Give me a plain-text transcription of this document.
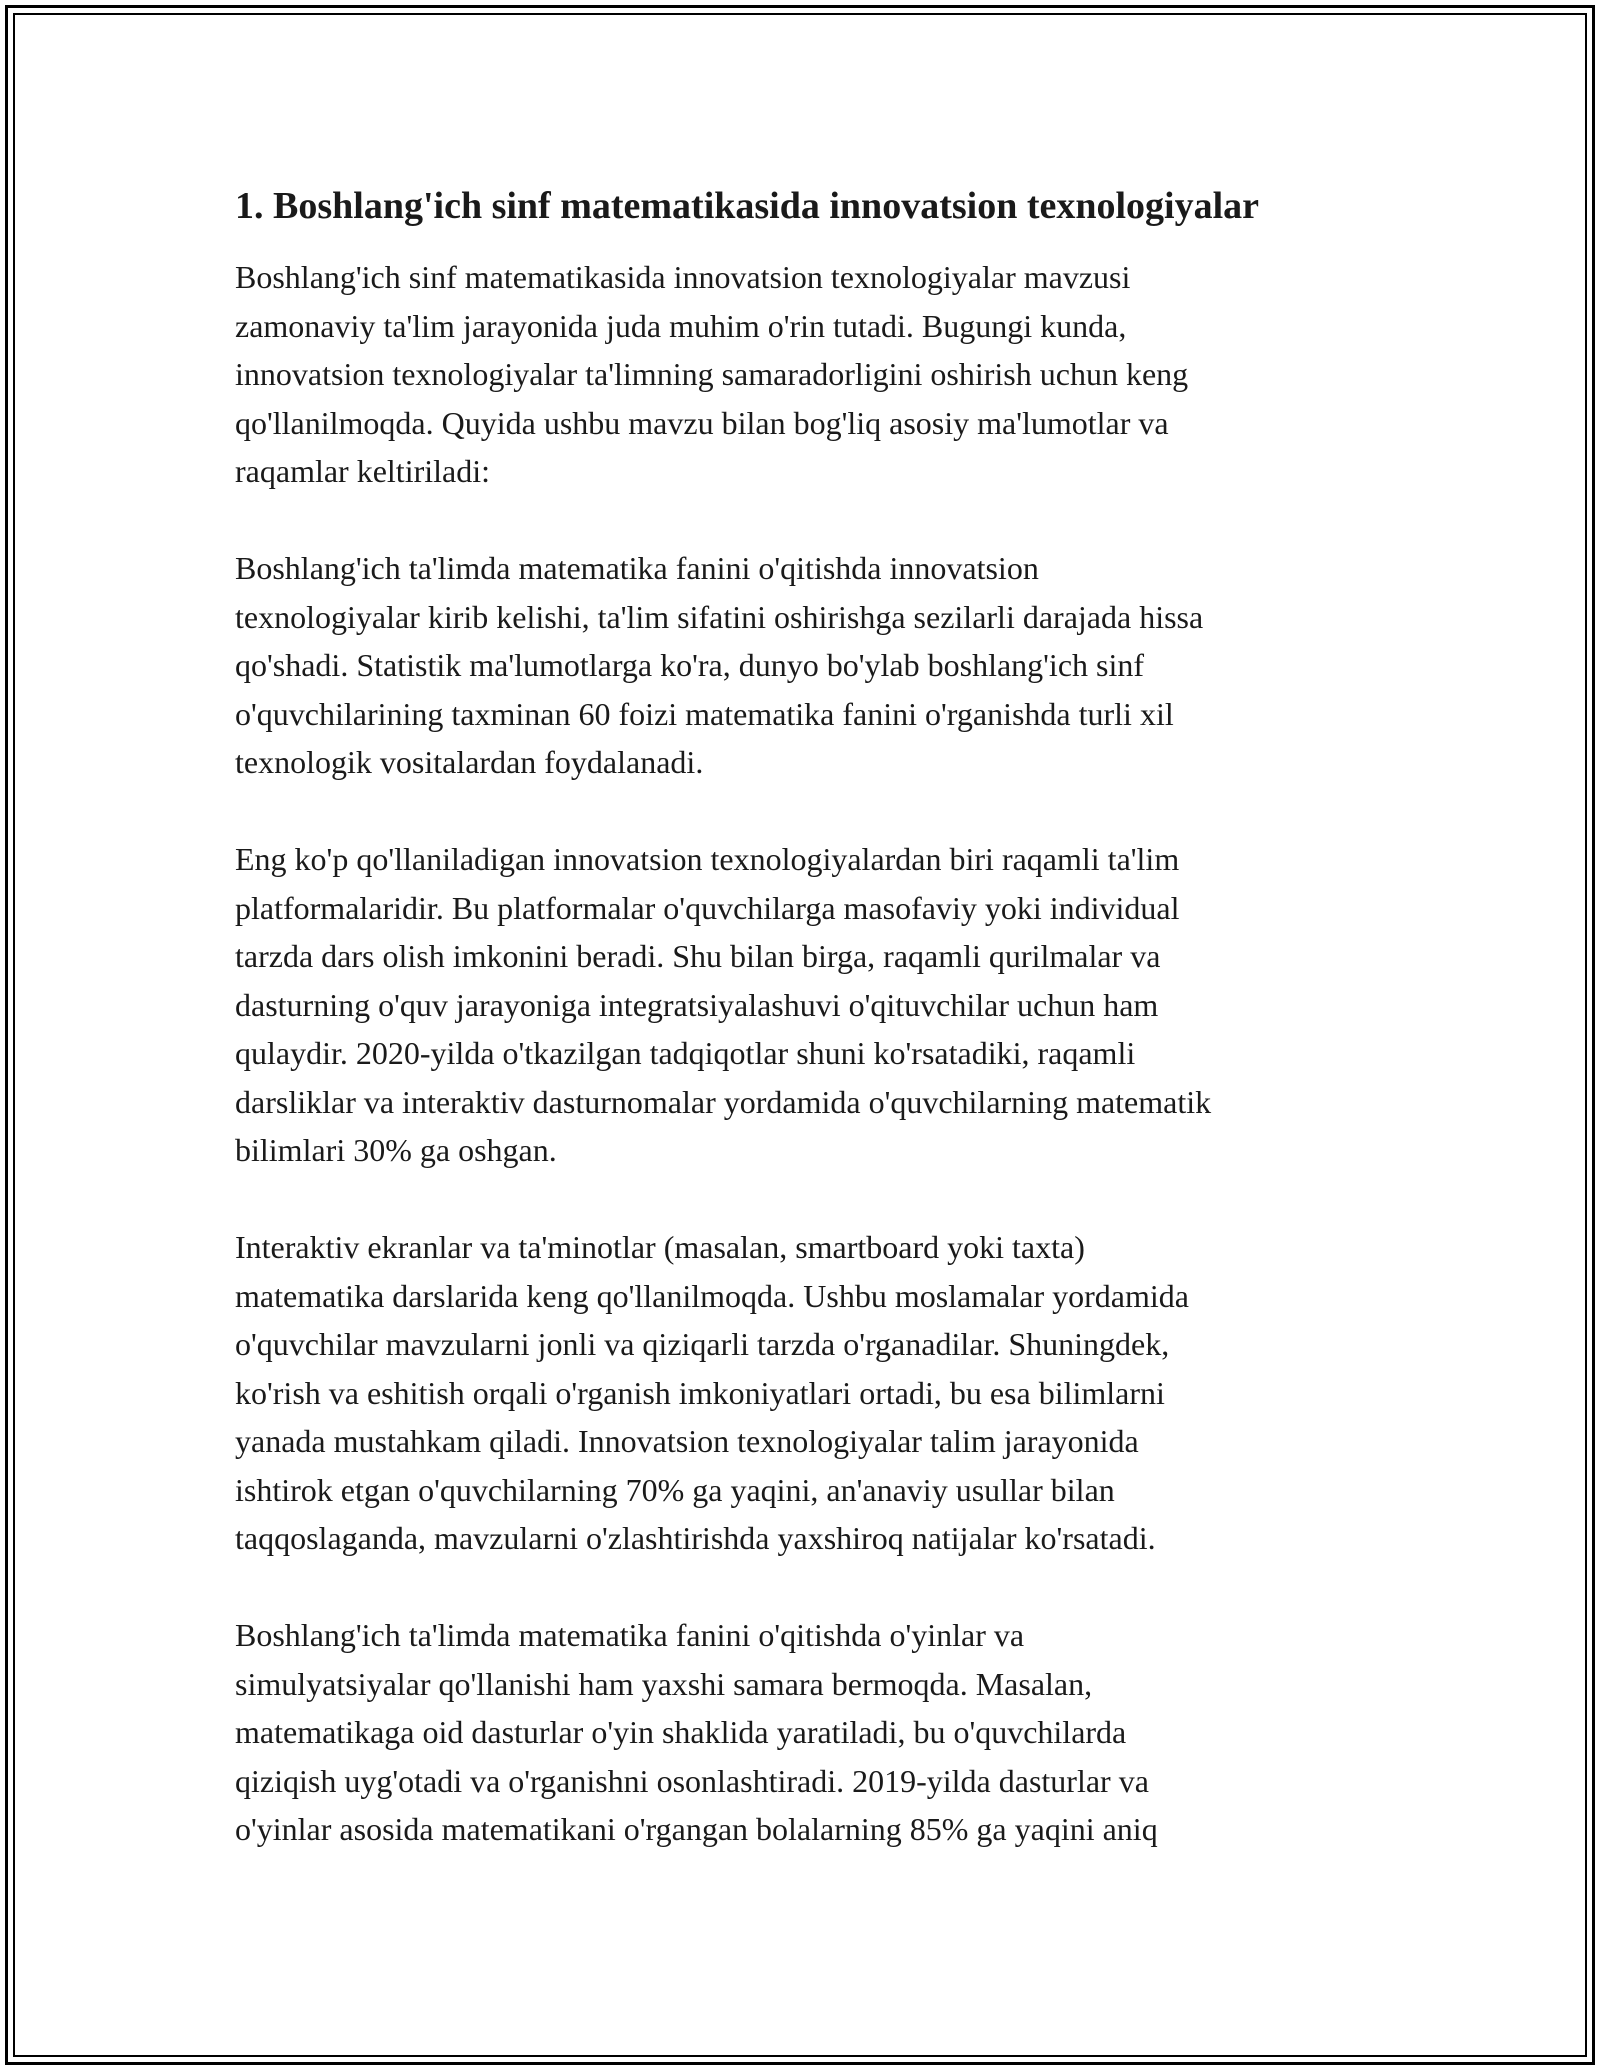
1. Boshlang'ich sinf matematikasida innovatsion texnologiyalar

Boshlang'ich sinf matematikasida innovatsion texnologiyalar mavzusi
zamonaviy ta'lim jarayonida juda muhim o'rin tutadi. Bugungi kunda,
innovatsion texnologiyalar ta'limning samaradorligini oshirish uchun keng
qo'llanilmoqda. Quyida ushbu mavzu bilan bog'liq asosiy ma'lumotlar va
raqamlar keltiriladi:

Boshlang'ich ta'limda matematika fanini o'qitishda innovatsion
texnologiyalar kirib kelishi, ta'lim sifatini oshirishga sezilarli darajada hissa
qo'shadi. Statistik ma'lumotlarga ko'ra, dunyo bo'ylab boshlang'ich sinf
o'quvchilarining taxminan 60 foizi matematika fanini o'rganishda turli xil
texnologik vositalardan foydalanadi.

Eng ko'p qo'llaniladigan innovatsion texnologiyalardan biri raqamli ta'lim
platformalaridir. Bu platformalar o'quvchilarga masofaviy yoki individual
tarzda dars olish imkonini beradi. Shu bilan birga, raqamli qurilmalar va
dasturning o'quv jarayoniga integratsiyalashuvi o'qituvchilar uchun ham
qulaydir. 2020-yilda o'tkazilgan tadqiqotlar shuni ko'rsatadiki, raqamli
darsliklar va interaktiv dasturnomalar yordamida o'quvchilarning matematik
bilimlari 30% ga oshgan.

Interaktiv ekranlar va ta'minotlar (masalan, smartboard yoki taxta)
matematika darslarida keng qo'llanilmoqda. Ushbu moslamalar yordamida
o'quvchilar mavzularni jonli va qiziqarli tarzda o'rganadilar. Shuningdek,
ko'rish va eshitish orqali o'rganish imkoniyatlari ortadi, bu esa bilimlarni
yanada mustahkam qiladi. Innovatsion texnologiyalar talim jarayonida
ishtirok etgan o'quvchilarning 70% ga yaqini, an'anaviy usullar bilan
taqqoslaganda, mavzularni o'zlashtirishda yaxshiroq natijalar ko'rsatadi.

Boshlang'ich ta'limda matematika fanini o'qitishda o'yinlar va
simulyatsiyalar qo'llanishi ham yaxshi samara bermoqda. Masalan,
matematikaga oid dasturlar o'yin shaklida yaratiladi, bu o'quvchilarda
qiziqish uyg'otadi va o'rganishni osonlashtiradi. 2019-yilda dasturlar va
o'yinlar asosida matematikani o'rgangan bolalarning 85% ga yaqini aniq
